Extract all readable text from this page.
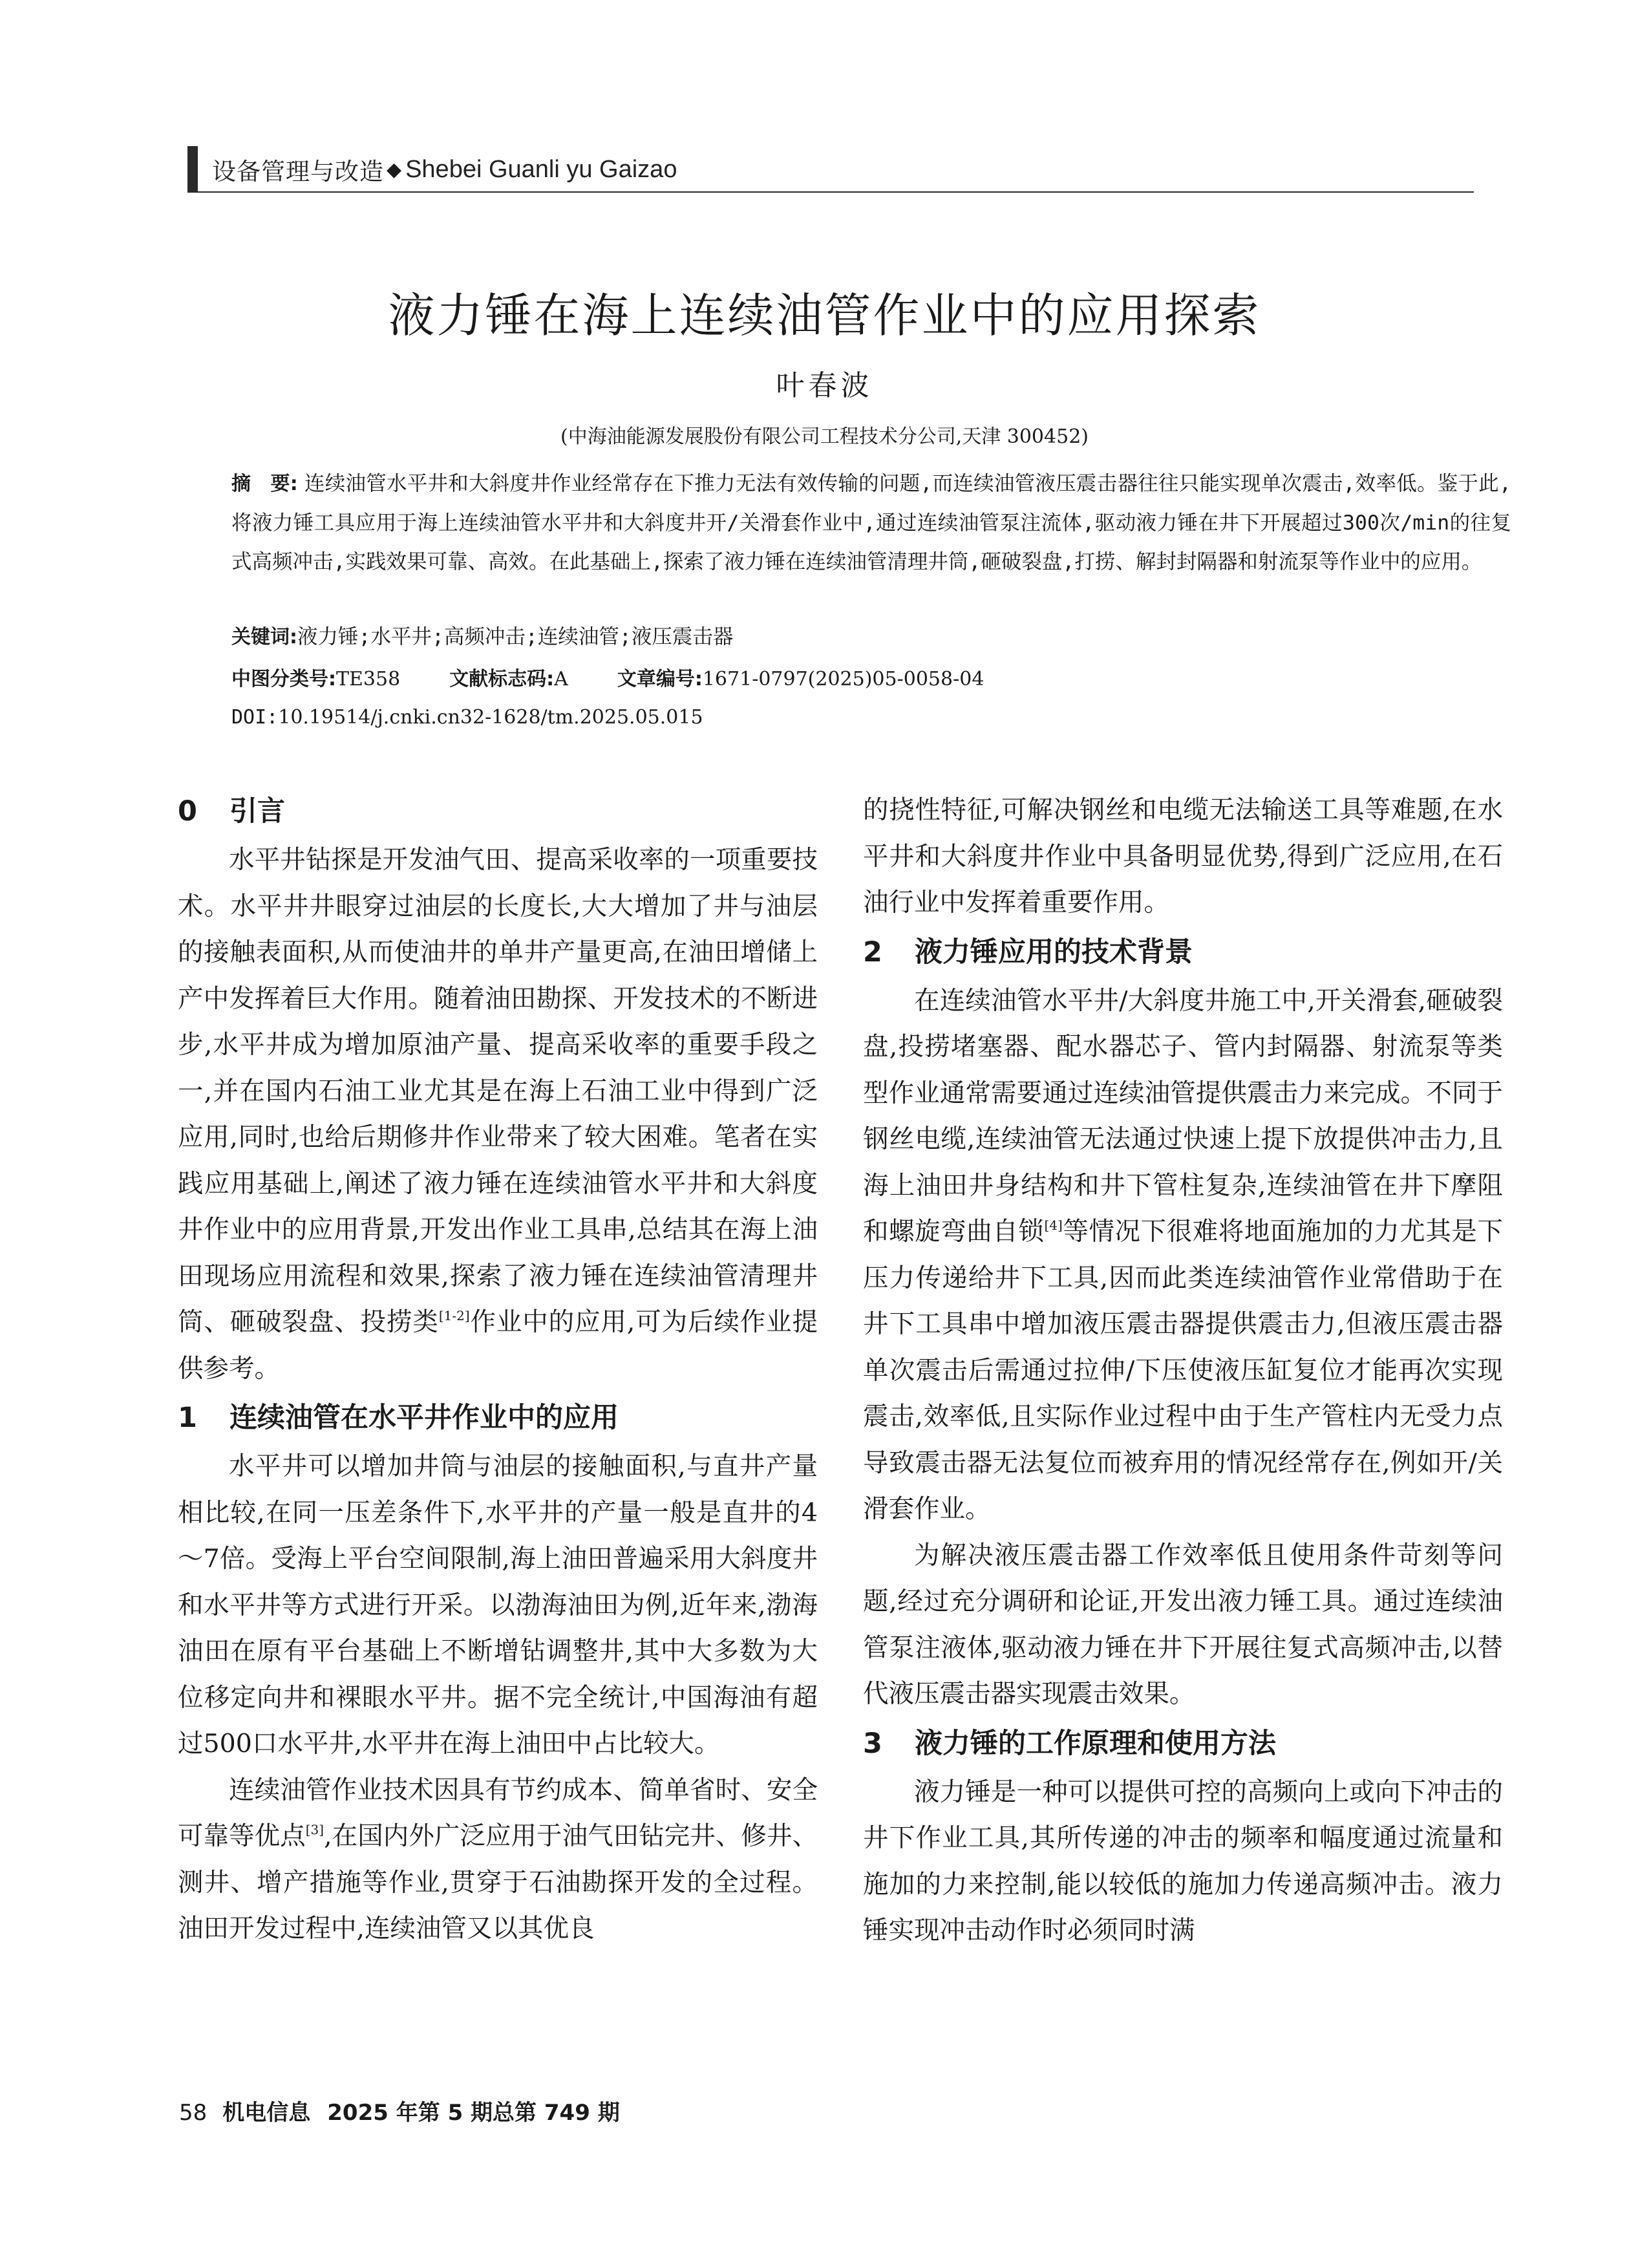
设备管理与改造 ◆ Shebei Guanli yu Gaizao
液力锤在海上连续油管作业中的应用探索
叶春波
(中海油能源发展股份有限公司工程技术分公司,天津 300452)
摘　要: 连续油管水平井和大斜度井作业经常存在下推力无法有效传输的问题,而连续油管液压震击器往往只能实现单次震击,效率低。鉴于此,将液力锤工具应用于海上连续油管水平井和大斜度井开/关滑套作业中,通过连续油管泵注流体,驱动液力锤在井下开展超过300次/min的往复式高频冲击,实践效果可靠、高效。在此基础上,探索了液力锤在连续油管清理井筒,砸破裂盘,打捞、解封封隔器和射流泵等作业中的应用。
关键词:液力锤;水平井;高频冲击;连续油管;液压震击器
中图分类号:TE358	文献标志码:A	文章编号:1671-0797(2025)05-0058-04
DOI:10.19514/j.cnki.cn32-1628/tm.2025.05.015
0 引言

水平井钻探是开发油气田、提高采收率的一项重要技术。水平井井眼穿过油层的长度长,大大增加了井与油层的接触表面积,从而使油井的单井产量更高,在油田增储上产中发挥着巨大作用。随着油田勘探、开发技术的不断进步,水平井成为增加原油产量、提高采收率的重要手段之一,并在国内石油工业尤其是在海上石油工业中得到广泛应用,同时,也给后期修井作业带来了较大困难。笔者在实践应用基础上,阐述了液力锤在连续油管水平井和大斜度井作业中的应用背景,开发出作业工具串,总结其在海上油田现场应用流程和效果,探索了液力锤在连续油管清理井筒、砸破裂盘、投捞类[1-2]作业中的应用,可为后续作业提供参考。

1 连续油管在水平井作业中的应用

水平井可以增加井筒与油层的接触面积,与直井产量相比较,在同一压差条件下,水平井的产量一般是直井的4～7倍。受海上平台空间限制,海上油田普遍采用大斜度井和水平井等方式进行开采。以渤海油田为例,近年来,渤海油田在原有平台基础上不断增钻调整井,其中大多数为大位移定向井和裸眼水平井。据不完全统计,中国海油有超过500口水平井,水平井在海上油田中占比较大。

连续油管作业技术因具有节约成本、简单省时、安全可靠等优点[3],在国内外广泛应用于油气田钻完井、修井、测井、增产措施等作业,贯穿于石油勘探开发的全过程。油田开发过程中,连续油管又以其优良

的挠性特征,可解决钢丝和电缆无法输送工具等难题,在水平井和大斜度井作业中具备明显优势,得到广泛应用,在石油行业中发挥着重要作用。

2 液力锤应用的技术背景

在连续油管水平井/大斜度井施工中,开关滑套,砸破裂盘,投捞堵塞器、配水器芯子、管内封隔器、射流泵等类型作业通常需要通过连续油管提供震击力来完成。不同于钢丝电缆,连续油管无法通过快速上提下放提供冲击力,且海上油田井身结构和井下管柱复杂,连续油管在井下摩阻和螺旋弯曲自锁[4]等情况下很难将地面施加的力尤其是下压力传递给井下工具,因而此类连续油管作业常借助于在井下工具串中增加液压震击器提供震击力,但液压震击器单次震击后需通过拉伸/下压使液压缸复位才能再次实现震击,效率低,且实际作业过程中由于生产管柱内无受力点导致震击器无法复位而被弃用的情况经常存在,例如开/关滑套作业。

为解决液压震击器工作效率低且使用条件苛刻等问题,经过充分调研和论证,开发出液力锤工具。通过连续油管泵注液体,驱动液力锤在井下开展往复式高频冲击,以替代液压震击器实现震击效果。

3 液力锤的工作原理和使用方法

液力锤是一种可以提供可控的高频向上或向下冲击的井下作业工具,其所传递的冲击的频率和幅度通过流量和施加的力来控制,能以较低的施加力传递高频冲击。液力锤实现冲击动作时必须同时满

58 机电信息 2025 年第 5 期总第 749 期
